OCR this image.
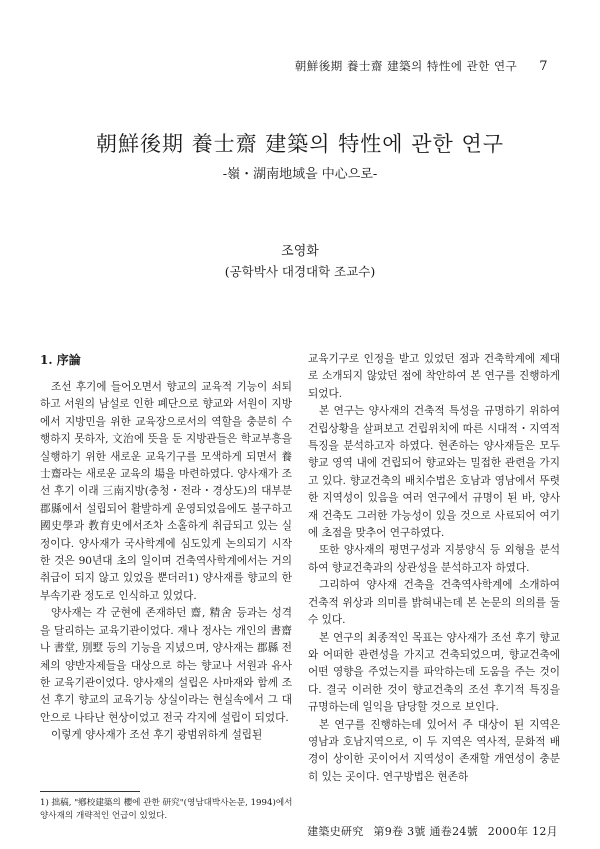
朝鮮後期 養士齋 建築의 特性에 관한 연구 7
朝鮮後期 養士齋 建築의 特性에 관한 연구
-嶺・湖南地域을 中心으로-
조영화
(공학박사 대경대학 조교수)
1. 序論

조선 후기에 들어오면서 향교의 교육적 기능이 쇠퇴하고 서원의 남설로 인한 폐단으로 향교와 서원이 지방에서 지방민을 위한 교육장으로서의 역할을 충분히 수행하지 못하자, 文治에 뜻을 둔 지방관들은 학교부흥을 실행하기 위한 새로운 교육기구를 모색하게 되면서 養士齋라는 새로운 교육의 場을 마련하였다. 양사재가 조선 후기 이래 三南지방(충청・전라・경상도)의 대부분 郡縣에서 설립되어 활발하게 운영되었음에도 불구하고 國史學과 教育史에서조차 소홀하게 취급되고 있는 실정이다. 양사재가 국사학계에 심도있게 논의되기 시작한 것은 90년대 초의 일이며 건축역사학계에서는 거의 취급이 되지 않고 있었을 뿐더러1) 양사재를 향교의 한 부속기관 정도로 인식하고 있었다.

양사재는 각 군현에 존재하던 齋, 精舍 등과는 성격을 달리하는 교육기관이었다. 재나 정사는 개인의 書齋나 書堂, 別墅 등의 기능을 지녔으며, 양사재는 郡縣 전체의 양반자제들을 대상으로 하는 향교나 서원과 유사한 교육기관이었다. 양사재의 설립은 사마재와 함께 조선 후기 향교의 교육기능 상실이라는 현실속에서 그 대안으로 나타난 현상이었고 전국 각지에 설립이 되었다.

이렇게 양사재가 조선 후기 광범위하게 설립된

교육기구로 인정을 받고 있었던 점과 건축학계에 제대로 소개되지 않았던 점에 착안하여 본 연구를 진행하게 되었다.

본 연구는 양사재의 건축적 특성을 규명하기 위하여 건립상황을 살펴보고 건립위치에 따른 시대적・지역적 특징을 분석하고자 하였다. 현존하는 양사재들은 모두 향교 영역 내에 건립되어 향교와는 밀접한 관련을 가지고 있다. 향교건축의 배치수법은 호남과 영남에서 뚜렷한 지역성이 있음을 여러 연구에서 규명이 된 바, 양사재 건축도 그러한 가능성이 있을 것으로 사료되어 여기에 초점을 맞추어 연구하였다.

또한 양사재의 평면구성과 지붕양식 등 외형을 분석하여 향교건축과의 상관성을 분석하고자 하였다.

그리하여 양사재 건축을 건축역사학계에 소개하여 건축적 위상과 의미를 밝혀내는데 본 논문의 의의를 둘 수 있다.

본 연구의 최종적인 목표는 양사재가 조선 후기 향교와 어떠한 관련성을 가지고 건축되었으며, 향교건축에 어떤 영향을 주었는지를 파악하는데 도움을 주는 것이다. 결국 이러한 것이 향교건축의 조선 후기적 특징을 규명하는데 일익을 담당할 것으로 보인다.

본 연구를 진행하는데 있어서 주 대상이 된 지역은 영남과 호남지역으로, 이 두 지역은 역사적, 문화적 배경이 상이한 곳이어서 지역성이 존재할 개연성이 충분히 있는 곳이다. 연구방법은 현존하

1) 拙稿, "鄕校建築의 櫻에 관한 研究"(영남대박사논문, 1994)에서 양사재의 개략적인 언급이 있었다.
建築史研究 第9卷 3號 通卷24號 2000年 12月
